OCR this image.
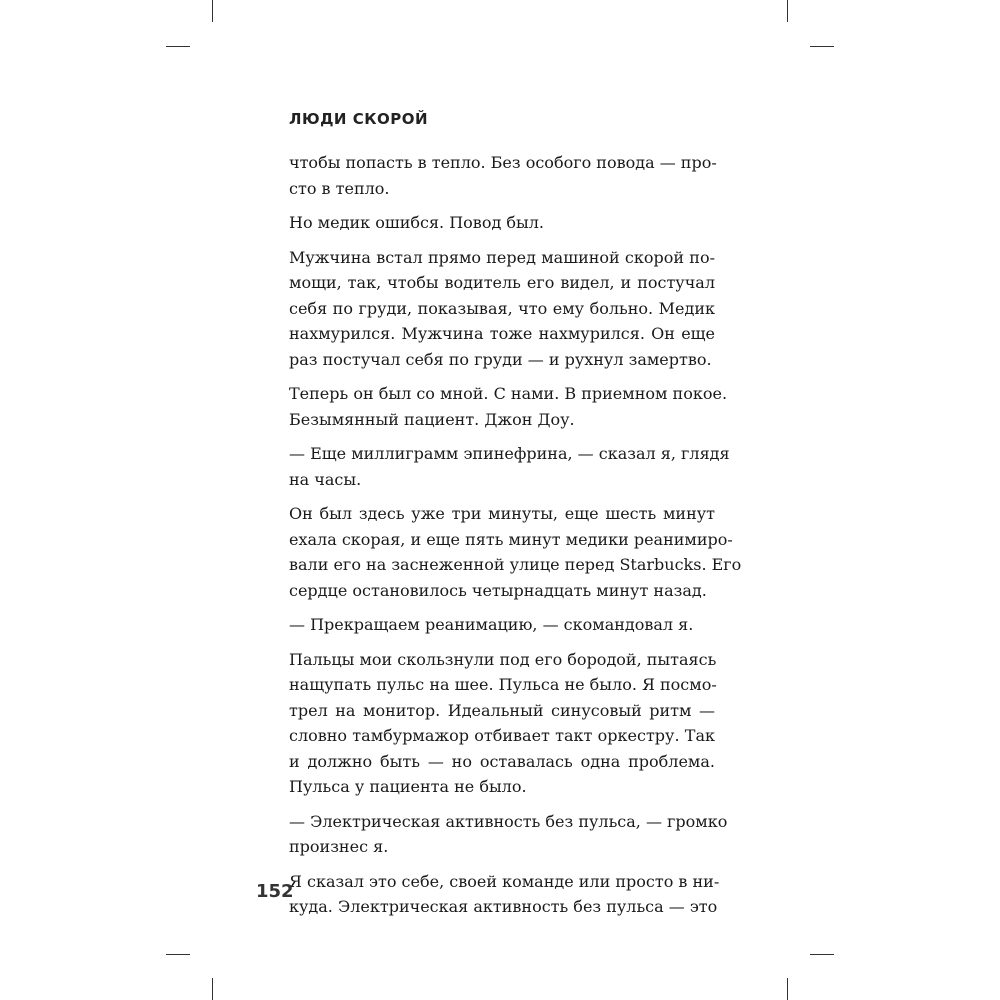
ЛЮДИ СКОРОЙ
чтобы попасть в тепло. Без особого повода — про-
сто в тепло.
Но медик ошибся. Повод был.
Мужчина встал прямо перед машиной скорой по-
мощи, так, чтобы водитель его видел, и постучал
себя по груди, показывая, что ему больно. Медик
нахмурился. Мужчина тоже нахмурился. Он еще
раз постучал себя по груди — и рухнул замертво.
Теперь он был со мной. С нами. В приемном покое.
Безымянный пациент. Джон Доу.
— Еще миллиграмм эпинефрина, — сказал я, глядя
на часы.
Он был здесь уже три минуты, еще шесть минут
ехала скорая, и еще пять минут медики реанимиро-
вали его на заснеженной улице перед Starbucks. Его
сердце остановилось четырнадцать минут назад.
— Прекращаем реанимацию, — скомандовал я.
Пальцы мои скользнули под его бородой, пытаясь
нащупать пульс на шее. Пульса не было. Я посмо-
трел на монитор. Идеальный синусовый ритм —
словно тамбурмажор отбивает такт оркестру. Так
и должно быть — но оставалась одна проблема.
Пульса у пациента не было.
— Электрическая активность без пульса, — громко
произнес я.
Я сказал это себе, своей команде или просто в ни-
куда. Электрическая активность без пульса — это
152
